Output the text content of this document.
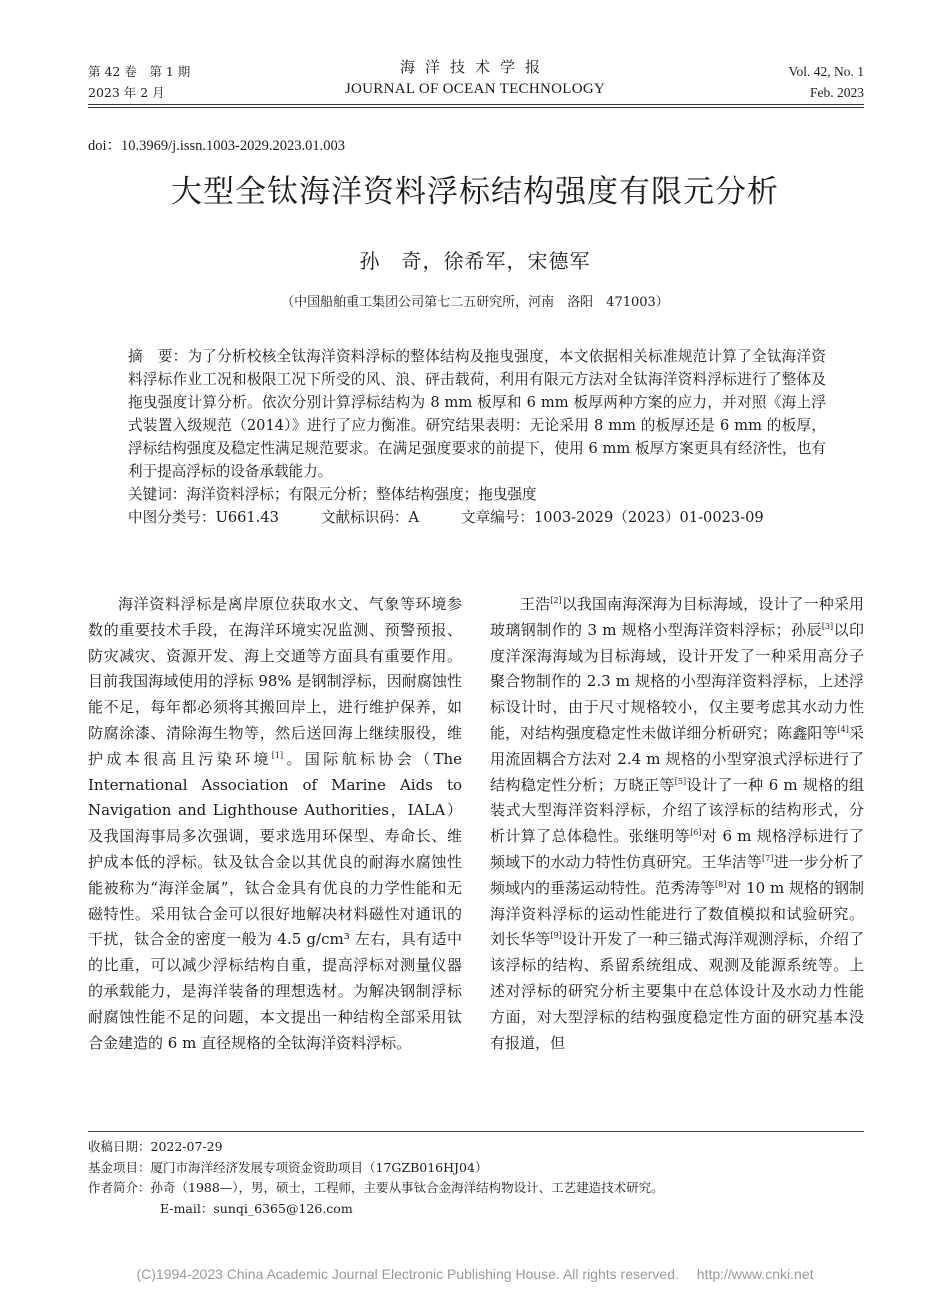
第 42 卷　第 1 期
2023 年 2 月
海洋技术学报
JOURNAL OF OCEAN TECHNOLOGY
Vol. 42, No. 1
Feb. 2023
doi：10.3969/j.issn.1003-2029.2023.01.003
大型全钛海洋资料浮标结构强度有限元分析
孙　奇，徐希军，宋德军
（中国船舶重工集团公司第七二五研究所，河南　洛阳　471003）

摘　要：为了分析校核全钛海洋资料浮标的整体结构及拖曳强度，本文依据相关标准规范计算了全钛海洋资料浮标作业工况和极限工况下所受的风、浪、砰击载荷，利用有限元方法对全钛海洋资料浮标进行了整体及拖曳强度计算分析。依次分别计算浮标结构为 8 mm 板厚和 6 mm 板厚两种方案的应力，并对照《海上浮式装置入级规范（2014）》进行了应力衡准。研究结果表明：无论采用 8 mm 的板厚还是 6 mm 的板厚，浮标结构强度及稳定性满足规范要求。在满足强度要求的前提下，使用 6 mm 板厚方案更具有经济性，也有利于提高浮标的设备承载能力。

关键词：海洋资料浮标；有限元分析；整体结构强度；拖曳强度

中图分类号：U661.43	文献标识码：A	文章编号：1003-2029（2023）01-0023-09

海洋资料浮标是离岸原位获取水文、气象等环境参数的重要技术手段，在海洋环境实况监测、预警预报、防灾减灾、资源开发、海上交通等方面具有重要作用。目前我国海域使用的浮标 98% 是钢制浮标，因耐腐蚀性能不足，每年都必须将其搬回岸上，进行维护保养，如防腐涂漆、清除海生物等，然后送回海上继续服役，维护成本很高且污染环境[1]。国际航标协会（The International Association of Marine Aids to Navigation and Lighthouse Authorities，IALA）及我国海事局多次强调，要求选用环保型、寿命长、维护成本低的浮标。钛及钛合金以其优良的耐海水腐蚀性能被称为“海洋金属”，钛合金具有优良的力学性能和无磁特性。采用钛合金可以很好地解决材料磁性对通讯的干扰，钛合金的密度一般为 4.5 g/cm³ 左右，具有适中的比重，可以减少浮标结构自重，提高浮标对测量仪器的承载能力，是海洋装备的理想选材。为解决钢制浮标耐腐蚀性能不足的问题，本文提出一种结构全部采用钛合金建造的 6 m 直径规格的全钛海洋资料浮标。

王浩[2]以我国南海深海为目标海域，设计了一种采用玻璃钢制作的 3 m 规格小型海洋资料浮标；孙辰[3]以印度洋深海海域为目标海域，设计开发了一种采用高分子聚合物制作的 2.3 m 规格的小型海洋资料浮标，上述浮标设计时，由于尺寸规格较小，仅主要考虑其水动力性能，对结构强度稳定性未做详细分析研究；陈鑫阳等[4]采用流固耦合方法对 2.4 m 规格的小型穿浪式浮标进行了结构稳定性分析；万晓正等[5]设计了一种 6 m 规格的组装式大型海洋资料浮标，介绍了该浮标的结构形式，分析计算了总体稳性。张继明等[6]对 6 m 规格浮标进行了频域下的水动力特性仿真研究。王华洁等[7]进一步分析了频域内的垂荡运动特性。范秀涛等[8]对 10 m 规格的钢制海洋资料浮标的运动性能进行了数值模拟和试验研究。刘长华等[9]设计开发了一种三锚式海洋观测浮标，介绍了该浮标的结构、系留系统组成、观测及能源系统等。上述对浮标的研究分析主要集中在总体设计及水动力性能方面，对大型浮标的结构强度稳定性方面的研究基本没有报道，但

收稿日期：2022-07-29
基金项目：厦门市海洋经济发展专项资金资助项目（17GZB016HJ04）
作者简介：孙奇（1988—），男，硕士，工程师，主要从事钛合金海洋结构物设计、工艺建造技术研究。
E-mail：sunqi_6365@126.com
(C)1994-2023 China Academic Journal Electronic Publishing House. All rights reserved.　 http://www.cnki.net
